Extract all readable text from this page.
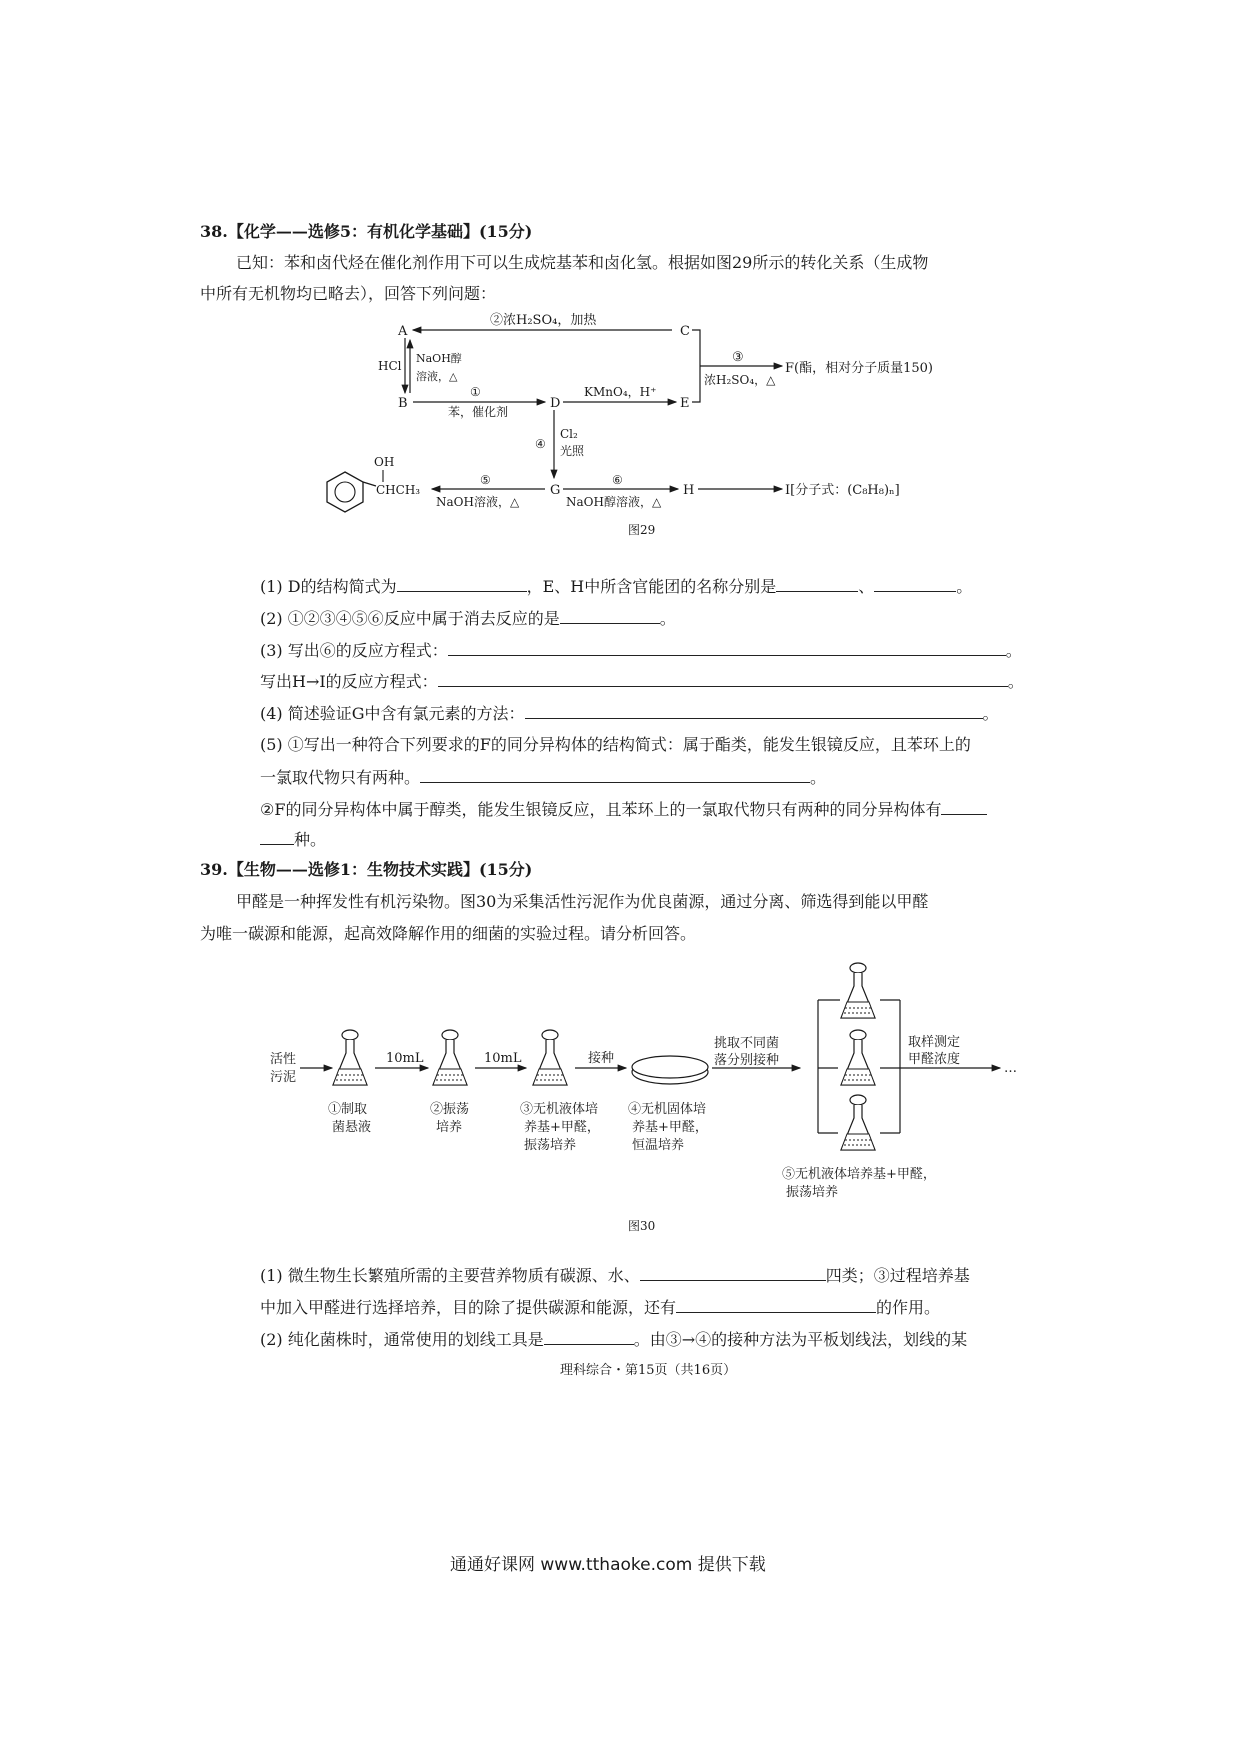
38.【化学——选修5：有机化学基础】(15分)
已知：苯和卤代烃在催化剂作用下可以生成烷基苯和卤化氢。根据如图29所示的转化关系（生成物
中所有无机物均已略去），回答下列问题：
A
B
C
D	E
F(酯，相对分子质量150)
G	H	I[分子式：(C₈H₈)ₙ]
②浓H₂SO₄，加热
③
浓H₂SO₄，△
HCl
NaOH醇
溶液，△
①
苯，催化剂
KMnO₄，H⁺
④
Cl₂
光照
OH
CHCH₃
⑤
NaOH溶液，△
⑥
NaOH醇溶液，△
图29
(1) D的结构简式为	，E、H中所含官能团的名称分别是	、	。
(2) ①②③④⑤⑥反应中属于消去反应的是	。
(3) 写出⑥的反应方程式：	。
写出H→I的反应方程式：	。
(4) 简述验证G中含有氯元素的方法：	。
(5) ①写出一种符合下列要求的F的同分异构体的结构简式：属于酯类，能发生银镜反应，且苯环上的
一氯取代物只有两种。	。
②F的同分异构体中属于醇类，能发生银镜反应，且苯环上的一氯取代物只有两种的同分异构体有
种。
39.【生物——选修1：生物技术实践】(15分)
甲醛是一种挥发性有机污染物。图30为采集活性污泥作为优良菌源，通过分离、筛选得到能以甲醛
为唯一碳源和能源，起高效降解作用的细菌的实验过程。请分析回答。
活性
污泥
10mL	10mL	接种
挑取不同菌
落分别接种
取样测定
甲醛浓度
…
①制取
菌悬液
②振荡
培养
③无机液体培
养基+甲醛，
振荡培养
④无机固体培
养基+甲醛，
恒温培养
⑤无机液体培养基+甲醛，
振荡培养
图30
(1) 微生物生长繁殖所需的主要营养物质有碳源、水、	四类；③过程培养基
中加入甲醛进行选择培养，目的除了提供碳源和能源，还有	的作用。
(2) 纯化菌株时，通常使用的划线工具是	。由③→④的接种方法为平板划线法，划线的某
理科综合・第15页（共16页）
通通好课网 www.tthaoke.com 提供下载
